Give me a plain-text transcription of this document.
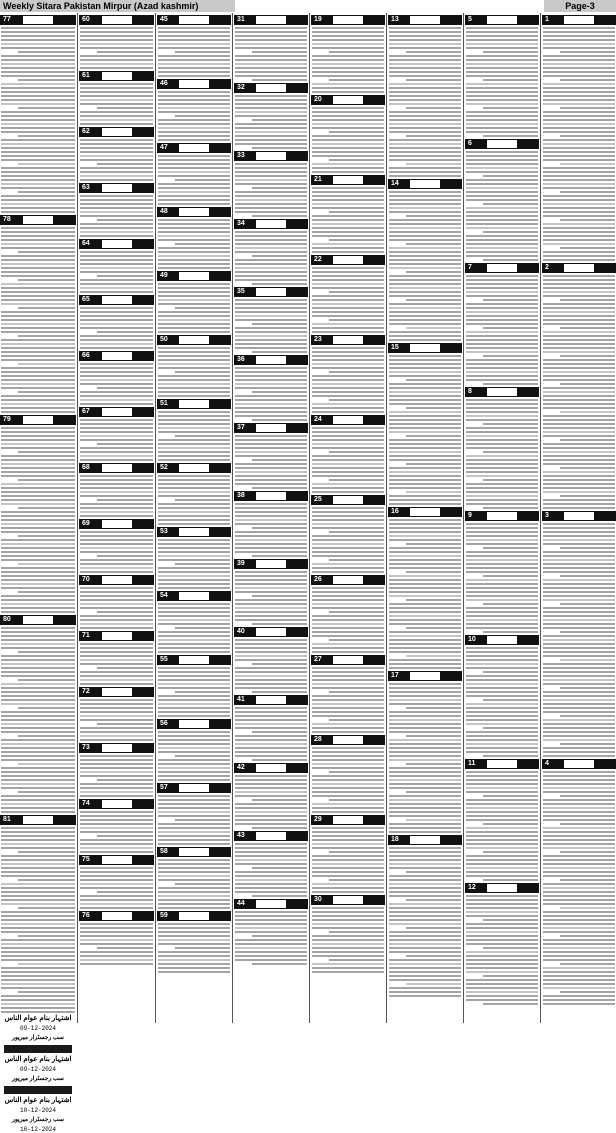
Weekly Sitara Pakistan Mirpur (Azad kashmir)	Page-3
77
78
79
80
81
اشتہار بنام عوام الناس
09-12-2024
سب رجسٹرار میرپور
اشتہار بنام عوام الناس
09-12-2024
سب رجسٹرار میرپور
اشتہار بنام عوام الناس
10-12-2024
سب رجسٹرار میرپور
16-12-2024
60
61
62
63
64
65
66
67
68
69
70
71
72
73
74
75
76
45
46
47
48
49
50
51
52
53
54
55
56
57
58
59
31
32
33
34
35
36
37
38
39
40
41
42
43
44
19
20
21
22
23
24
25
26
27
28
29
30
13
14
15
16
17
18
5
6
7
8
9
10
11
12
1
2
3
4
